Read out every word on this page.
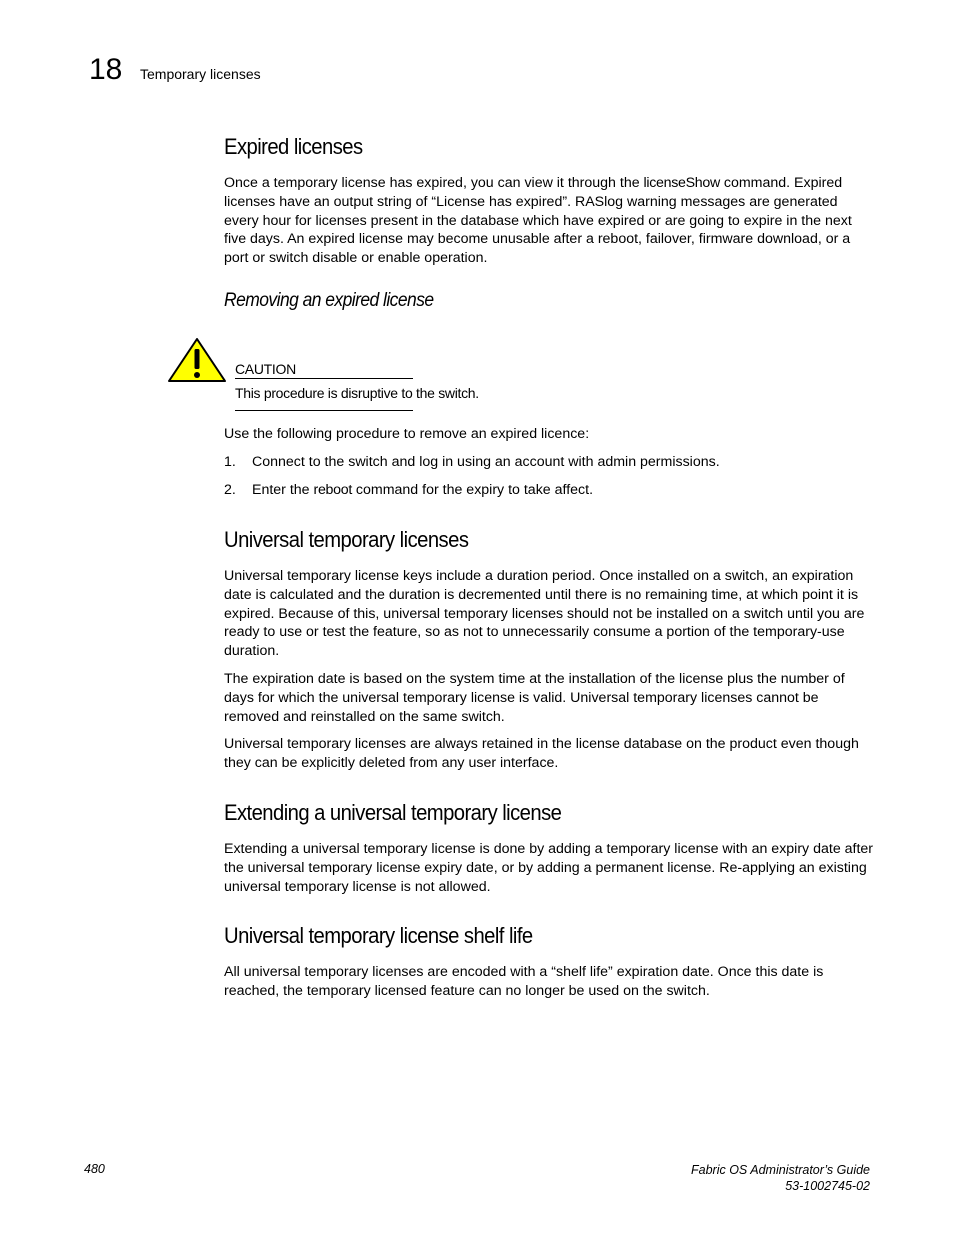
18 Temporary licenses
Expired licenses

Once a temporary license has expired, you can view it through the licenseShow command. Expired licenses have an output string of “License has expired”. RASlog warning messages are generated every hour for licenses present in the database which have expired or are going to expire in the next five days. An expired license may become unusable after a reboot, failover, firmware download, or a port or switch disable or enable operation.

Removing an expired license
CAUTION
This procedure is disruptive to the switch.

Use the following procedure to remove an expired licence:

1. Connect to the switch and log in using an account with admin permissions.
2. Enter the reboot command for the expiry to take affect.
Universal temporary licenses

Universal temporary license keys include a duration period. Once installed on a switch, an expiration date is calculated and the duration is decremented until there is no remaining time, at which point it is expired. Because of this, universal temporary licenses should not be installed on a switch until you are ready to use or test the feature, so as not to unnecessarily consume a portion of the temporary-use duration.

The expiration date is based on the system time at the installation of the license plus the number of days for which the universal temporary license is valid. Universal temporary licenses cannot be removed and reinstalled on the same switch.

Universal temporary licenses are always retained in the license database on the product even though they can be explicitly deleted from any user interface.

Extending a universal temporary license

Extending a universal temporary license is done by adding a temporary license with an expiry date after the universal temporary license expiry date, or by adding a permanent license. Re-applying an existing universal temporary license is not allowed.

Universal temporary license shelf life

All universal temporary licenses are encoded with a “shelf life” expiration date. Once this date is reached, the temporary licensed feature can no longer be used on the switch.

480	Fabric OS Administrator’s Guide
53-1002745-02
